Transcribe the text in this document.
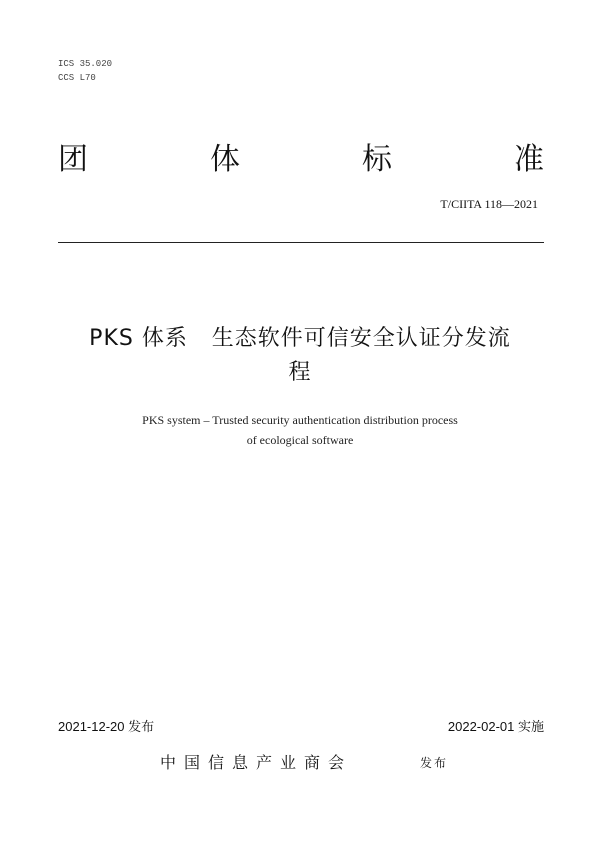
ICS 35.020
CCS L70
团	体	标	准
T/CIITA 118—2021
PKS 体系   生态软件可信安全认证分发流
程
PKS system – Trusted security authentication distribution process
of ecological software
2021-12-20 发布	2022-02-01 实施
中国信息产业商会	发布
